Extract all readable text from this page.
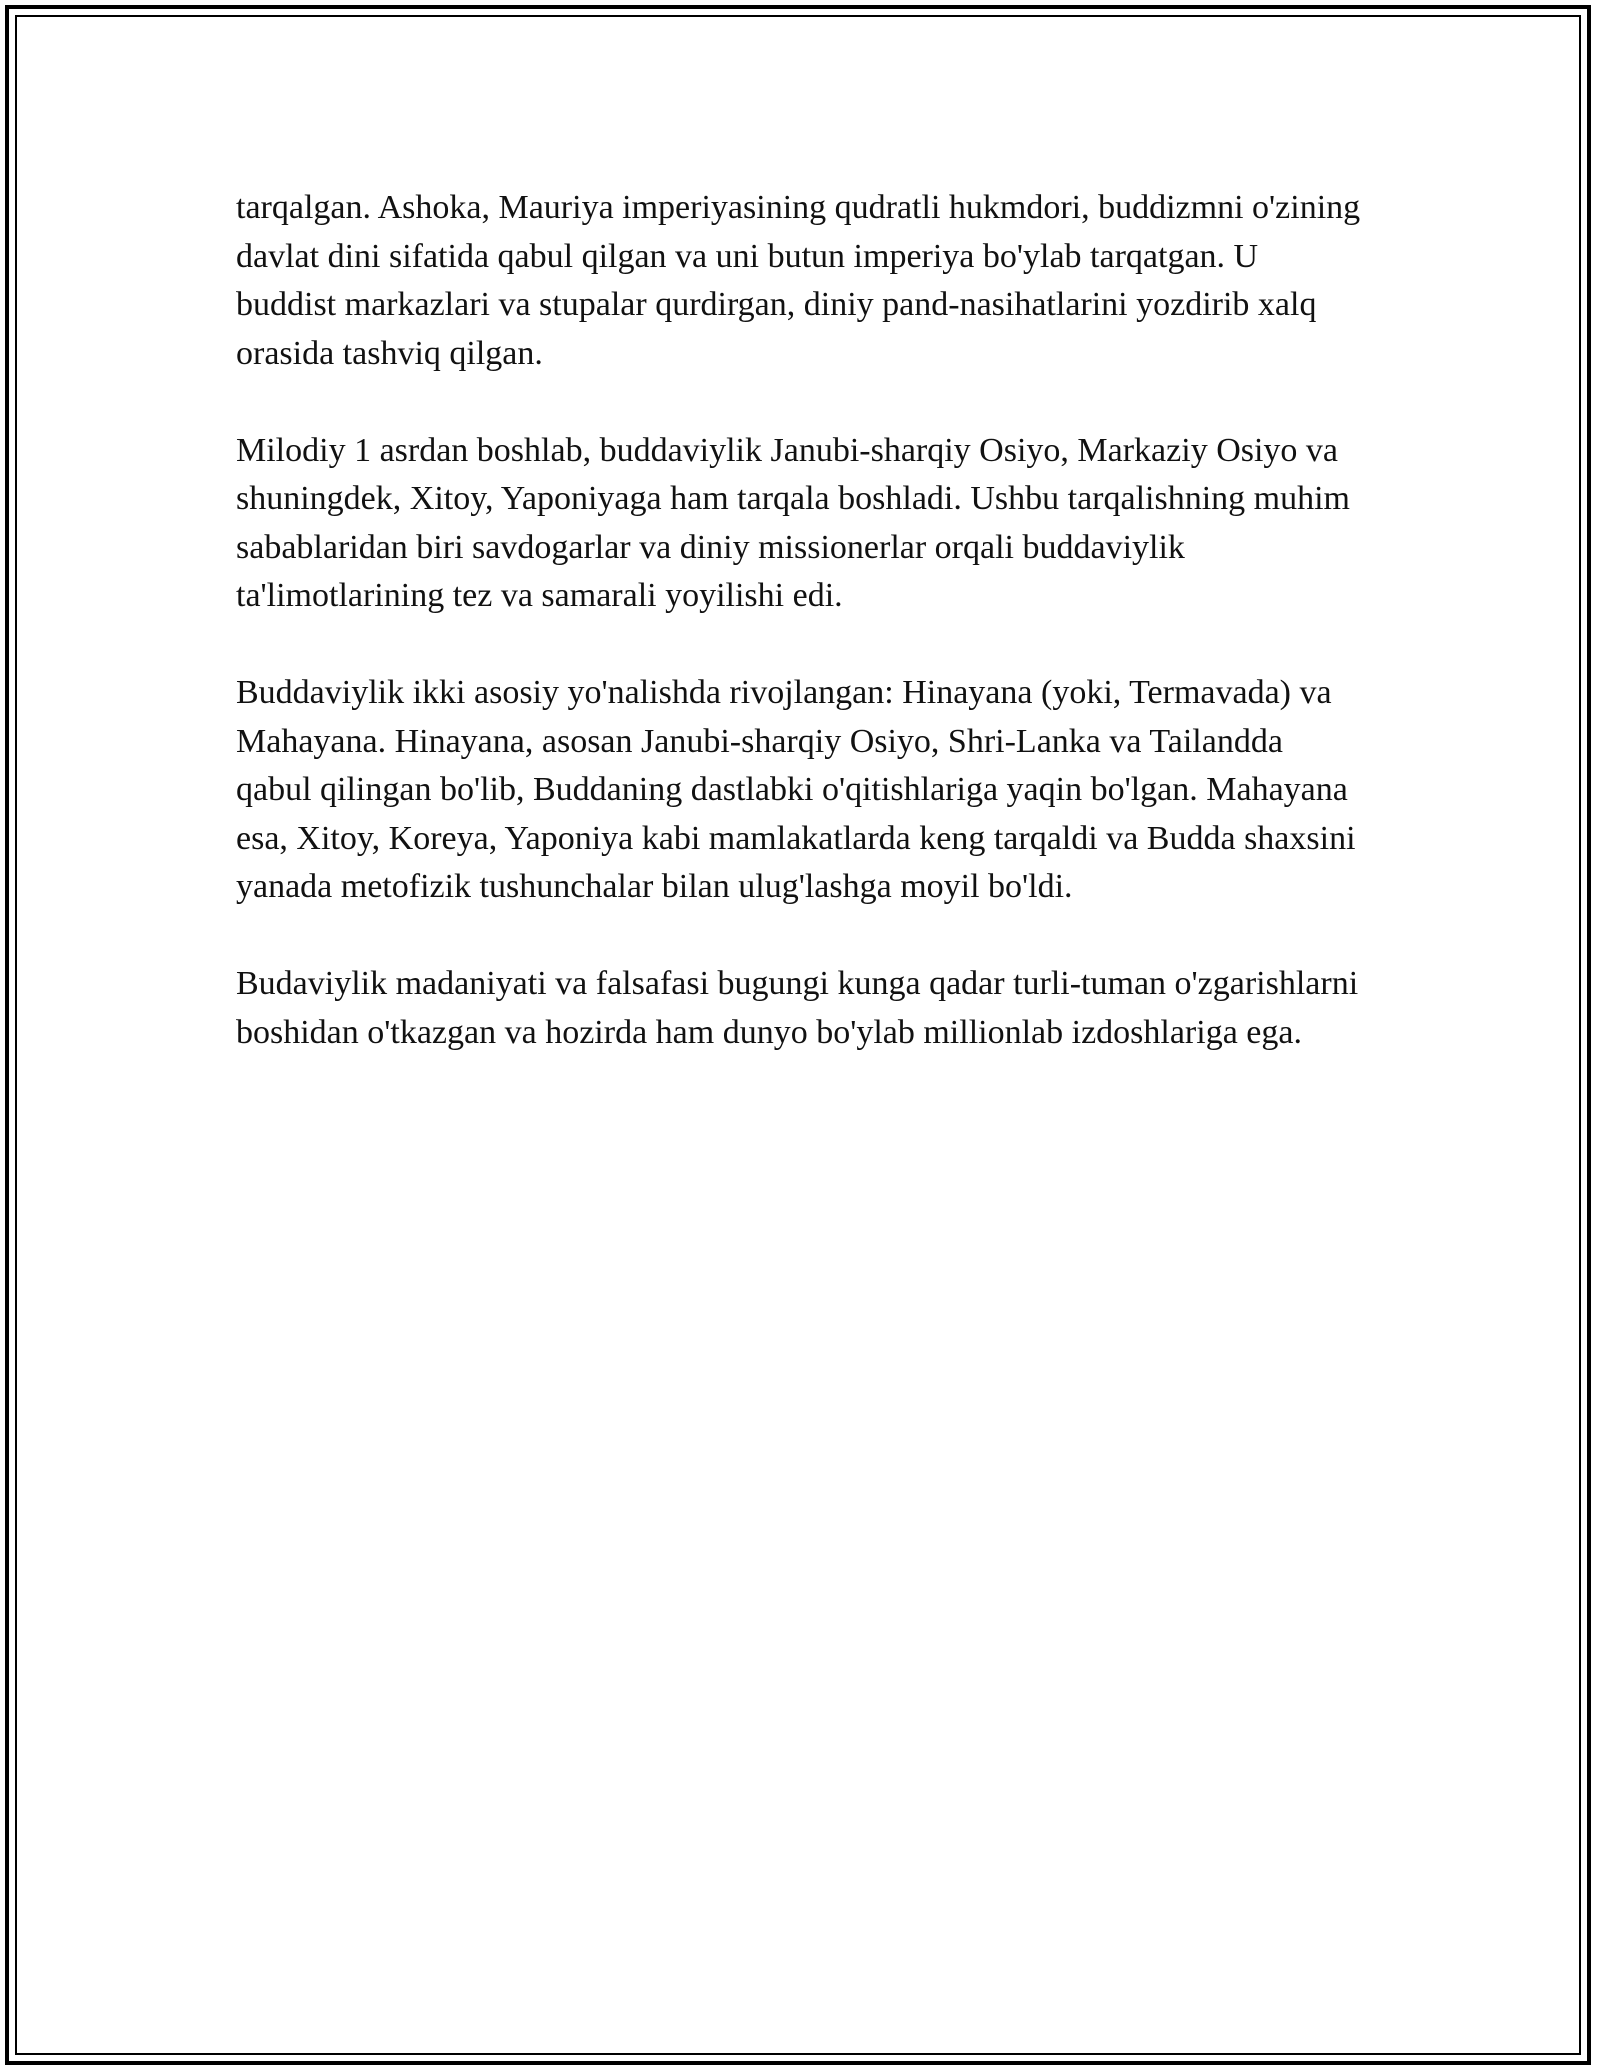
tarqalgan. Ashoka, Mauriya imperiyasining qudratli hukmdori, buddizmni o'zining davlat dini sifatida qabul qilgan va uni butun imperiya bo'ylab tarqatgan. U buddist markazlari va stupalar qurdirgan, diniy pand-nasihatlarini yozdirib xalq orasida tashviq qilgan.

Milodiy 1 asrdan boshlab, buddaviylik Janubi-sharqiy Osiyo, Markaziy Osiyo va shuningdek, Xitoy, Yaponiyaga ham tarqala boshladi. Ushbu tarqalishning muhim sabablaridan biri savdogarlar va diniy missionerlar orqali buddaviylik ta'limotlarining tez va samarali yoyilishi edi.

Buddaviylik ikki asosiy yo'nalishda rivojlangan: Hinayana (yoki, Termavada) va Mahayana. Hinayana, asosan Janubi-sharqiy Osiyo, Shri-Lanka va Tailandda qabul qilingan bo'lib, Buddaning dastlabki o'qitishlariga yaqin bo'lgan. Mahayana esa, Xitoy, Koreya, Yaponiya kabi mamlakatlarda keng tarqaldi va Budda shaxsini yanada metofizik tushunchalar bilan ulug'lashga moyil bo'ldi.

Budaviylik madaniyati va falsafasi bugungi kunga qadar turli-tuman o'zgarishlarni boshidan o'tkazgan va hozirda ham dunyo bo'ylab millionlab izdoshlariga ega.
